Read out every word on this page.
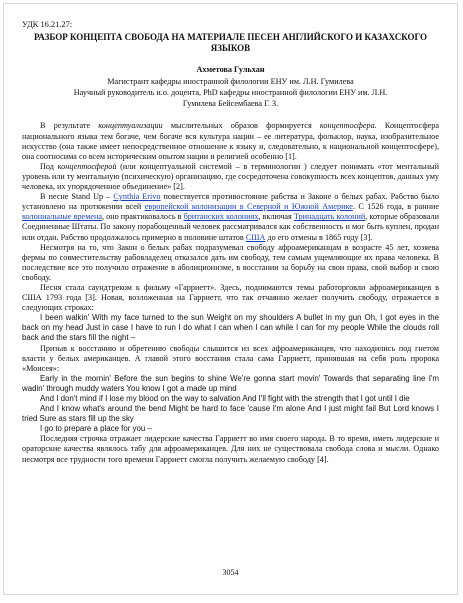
УДК 16.21.27:
РАЗБОР КОНЦЕПТА СВОБОДА НА МАТЕРИАЛЕ ПЕСЕН АНГЛИЙСКОГО И КАЗАХСКОГО ЯЗЫКОВ
Ахметова Гульхан
Магистрант кафедры иностранной филологии ЕНУ им. Л.Н. Гумилева
Научный руководитель и.о. доцента, PhD кафедры иностранной филологии ЕНУ им. Л.Н.
Гумилева Бейсембаева Г. З.

В результате концептуализации мыслительных образов формируется концептосфера. Концептосфера национального языка тем богаче, чем богаче вся культура нации – ее литература, фольклор, наука, изобразительное искусство (она также имеет непосредственное отношение к языку и, следовательно, к национальной концептосфере), она соотносима со всем историческим опытом нации и религией особенно [1].

Под концептосферой (или концептуальной системой – в терминологии ) следует понимать «тот ментальный уровень или ту ментальную (психическую) организацию, где сосредоточена совокупность всех концептов, данных уму человека, их упорядоченное объединение» [2].

В песне Stand Up – Cynthia Erivo повествуется противостояние рабства и Законе о белых рабах. Рабство было установлено на протяжении всей европейской колонизации в Северной и Южной Америке. С 1526 года, в ранние колониальные времена, оно практиковалось в британских колониях, включая Тринадцать колоний, которые образовали Соединенные Штаты. По закону порабощенный человек рассматривался как собственность и мог быть куплен, продан или отдан. Рабство продолжалось примерно в половине штатов США до его отмены в 1865 году [3].

Несмотря на то, что Закон о белых рабах подразумевал свободу афроамериканцам в возрасте 45 лет, хозяева фермы по совместительству рабовладелец отказался дать им свободу, тем самым ущемляющие их права человека. В последствие все это получило отражение в аболиционизме, в восстании за борьбу на свои права, свой выбор и свою свободу.

Песня стала саундтреком к фильму «Гарриетт». Здесь, поднимаются темы работорговли афроамериканцев в США 1793 года [3]. Новая, возложенная на Гарриетт, что так отчаянно желает получить свободу, отражается в следующих строках:

I been walkin' With my face turned to the sun Weight on my shoulders A bullet in my gun Oh, I got eyes in the back on my head Just in case I have to run I do what I can when I can while I can for my people While the clouds roll back and the stars fill the night –

Призыв к восстанию и обретению свободы слышится из всех афроамериканцев, что находились под гнетом власти у белых американцев. А главой этого восстания стала сама Гарриетт, принявшая на себя роль пророка «Моисея»:

Early in the mornin' Before the sun begins to shine We're gonna start movin' Towards that separating line I'm wadin' through muddy waters You know I got a made up mind

And I don't mind if I lose my blood on the way to salvation And I'll fight with the strength that I got until I die

And I know what's around the bend Might be hard to face 'cause I'm alone And I just might fail But Lord knows I tried Sure as stars fill up the sky

I go to prepare a place for you –

Последняя строчка отражает лидерские качества Гарриетт во имя своего народа. В то время, иметь лидерские и ораторские качества являлось табу для афроамериканцев. Для них не существовала свобода слова и мысли. Однако несмотря все трудности того времени Гарриетт смогла получить желаемую свободу [4].

3054
